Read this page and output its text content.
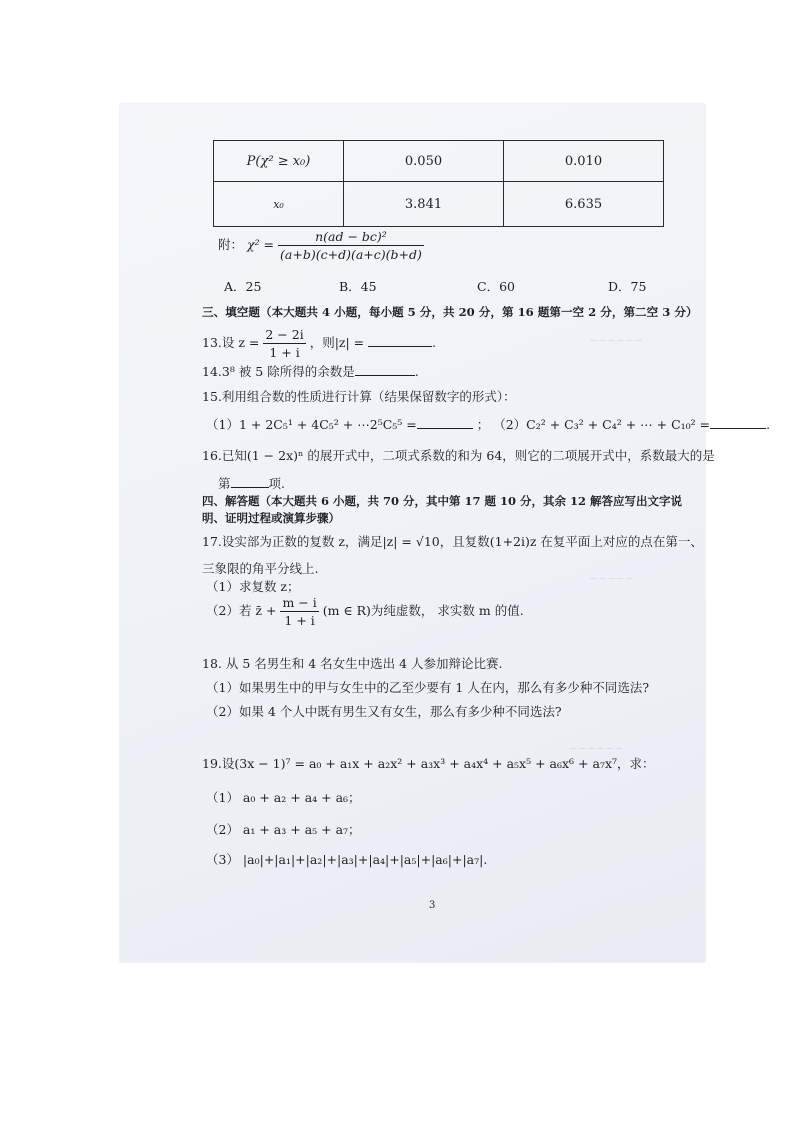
─ ─ ─ ─ ─ ─
─ ─ ─ ─ ─
─ ─ ─ ─ ─ ─
P(χ² ≥ x₀)	0.050	0.010
x₀	3.841	6.635
附： $\chi^2 = \frac{\text{n(ad − bc)²}}{(a+b)(c+d)(a+c)(b+d)}$
A．25	B．45	C．60	D．75
三、填空题（本大题共 4 小题，每小题 5 分，共 20 分，第 16 题第一空 2 分，第二空 3 分）
13.设 $z = \frac{2 - 2i}{1 + i}$ ，则|z| =	.
14.3⁸ 被 5 除所得的余数是	.
15.利用组合数的性质进行计算（结果保留数字的形式）：
（1）1 + 2C₅¹ + 4C₅² + ⋯2⁵C₅⁵ =	； （2）C₂² + C₃² + C₄² + ⋯ + C₁₀² =	.
16.已知(1 − 2x)ⁿ 的展开式中，二项式系数的和为 64，则它的二项展开式中，系数最大的是
第	项.
四、解答题（本大题共 6 小题，共 70 分，其中第 17 题 10 分，其余 12 解答应写出文字说
明、证明过程或演算步骤）
17.设实部为正数的复数 z，满足|z| = √10，且复数(1+2i)z 在复平面上对应的点在第一、
三象限的角平分线上.
（1）求复数 z；
（2）若 z̄ + $\frac{m - i}{1 + i} (m$ ∈ R)为纯虚数， 求实数 m 的值.
18. 从 5 名男生和 4 名女生中选出 4 人参加辩论比赛.
（1）如果男生中的甲与女生中的乙至少要有 1 人在内，那么有多少种不同选法?
（2）如果 4 个人中既有男生又有女生，那么有多少种不同选法?
19.设(3x − 1)⁷ = a₀ + a₁x + a₂x² + a₃x³ + a₄x⁴ + a₅x⁵ + a₆x⁶ + a₇x⁷，求：
（1） a₀ + a₂ + a₄ + a₆；
（2） a₁ + a₃ + a₅ + a₇；
（3） |a₀|+|a₁|+|a₂|+|a₃|+|a₄|+|a₅|+|a₆|+|a₇|.
3
